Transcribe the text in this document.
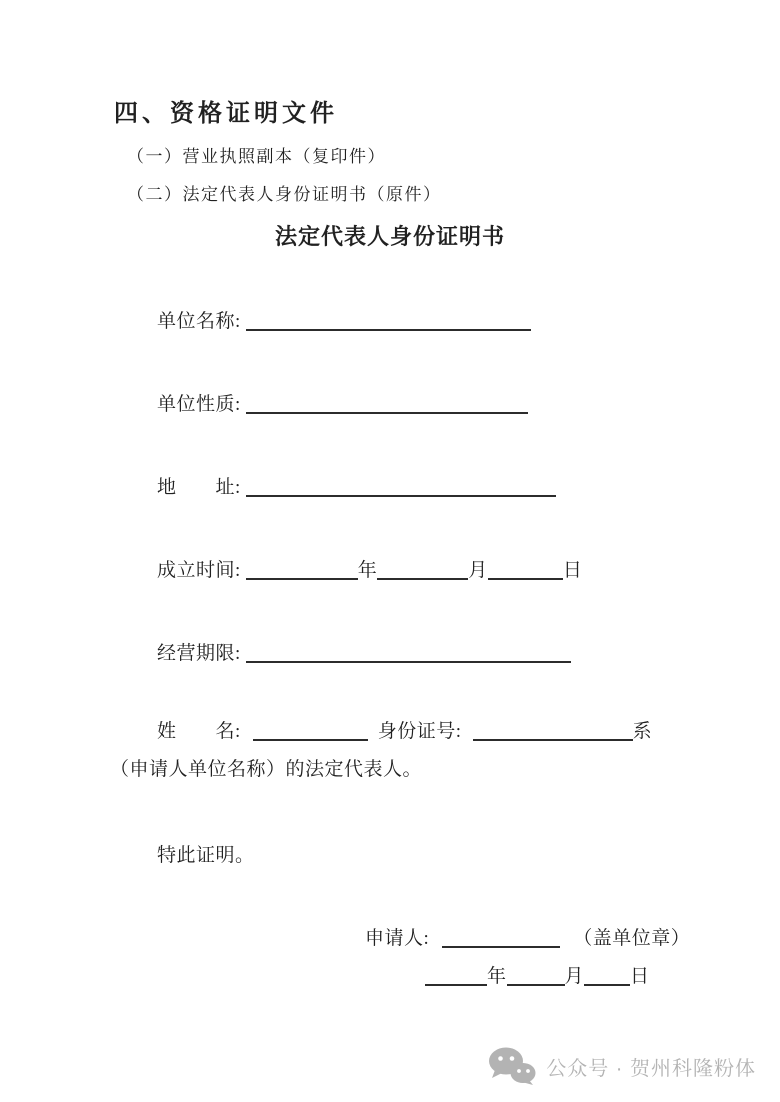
四、资格证明文件
（一）营业执照副本（复印件）
（二）法定代表人身份证明书（原件）
法定代表人身份证明书
单位名称:
单位性质:
地　　址:
成立时间:	年	月	日
经营期限:
姓　　名:	身份证号:	系
（申请人单位名称）的法定代表人。
特此证明。
申请人:	（盖单位章）
年	月 日
公众号 · 贺州科隆粉体
